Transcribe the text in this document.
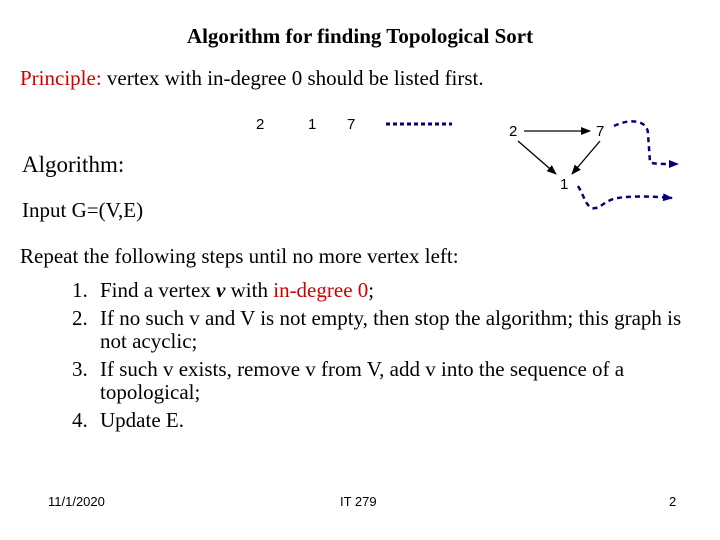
Algorithm for finding Topological Sort
Principle: vertex with in-degree 0 should be listed first.
2	1 7	2	7
1
Algorithm:
Input G=(V,E)
Repeat the following steps until no more vertex left:
1. Find a vertex v with in-degree 0;
2. If no such v and V is not empty, then stop the algorithm; this graph is not acyclic;
3. If such v exists, remove v from V, add v into the sequence of a topological;
4. Update E.
11/1/2020	IT 279	2
